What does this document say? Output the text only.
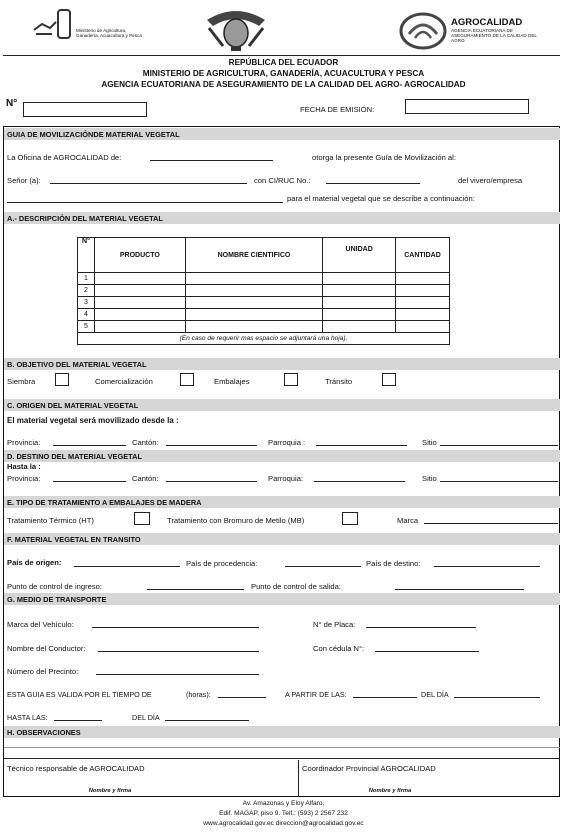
Ministerio de Agricultura, Ganadería, Acuacultura y Pesca
AGROCALIDAD
AGENCIA ECUATORIANA DE ASEGURAMIENTO DE LA CALIDAD DEL AGRO
REPÚBLICA DEL ECUADOR
MINISTERIO DE AGRICULTURA, GANADERÍA, ACUACULTURA Y PESCA
AGENCIA ECUATORIANA DE ASEGURAMIENTO DE LA CALIDAD DEL AGRO- AGROCALIDAD
N°
FECHA DE EMISIÓN:
GUIA DE MOVILIZACIÓNDE MATERIAL VEGETAL
La Oficina de AGROCALIDAD de:	otorga la presente Guía de Movilización al:
Señor (a):	con CI/RUC No.:	del vivero/empresa
para el material vegetal que se describe a continuación:
A.- DESCRIPCIÓN DEL MATERIAL VEGETAL
N°	PRODUCTO	NOMBRE CIENTIFICO	UNIDAD	CANTIDAD
1				
2				
3				
4				
5				
(En caso de requerir mas espacio se adjuntará una hoja).				
B. OBJETIVO DEL MATERIAL VEGETAL
Siembra	Comercialización	Embalajes	Tránsito
C. ORIGEN DEL MATERIAL VEGETAL
El material vegetal será movilizado desde la :
Provincia:	Cantón:	Parroquia :	Sitio
D. DESTINO DEL MATERIAL VEGETAL
Hasta la :
Provincia:	Cantón:	Parroquia:	Sitio
E. TIPO DE TRATAMIENTO A EMBALAJES DE MADERA
Tratamiento Térmico (HT)	Tratamiento con Bromuro de Metilo (MB)	Marca
F. MATERIAL VEGETAL EN TRANSITO
País de origen:	País de procedencia:	País de destino:
Punto de control de ingreso:	Punto de control de salida:
G. MEDIO DE TRANSPORTE
Marca del Vehículo:	N° de Placa:
Nombre del Conductor:	Con cédula N°:
Número del Precinto:
ESTA GUIA ES VALIDA POR EL TIEMPO DE	(horas):	A PARTIR DE LAS:	DEL DÍA
HASTA LAS:	DEL DÍA
H. OBSERVACIONES
Técnico responsable de AGROCALIDAD	Coordinador Provincial AGROCALIDAD
Nombre y firma	Nombre y firma
Av. Amazonas y Eloy Alfaro,
Edif. MAGAP, piso 9. Telf.: (593) 2 2567 232
www.agrocalidad.gov.ec direccion@agrocalidad.gov.ec
